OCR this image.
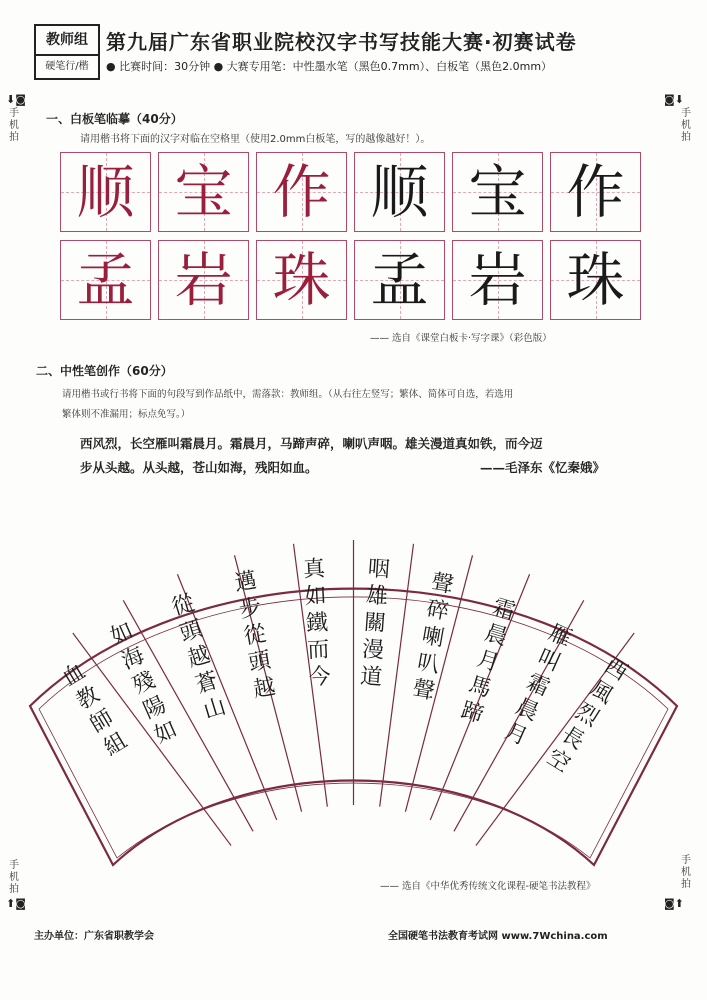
教师组
硬笔行/楷
第九届广东省职业院校汉字书写技能大赛·初赛试卷
● 比赛时间：30分钟 ● 大赛专用笔：中性墨水笔（黑色0.7mm）、白板笔（黑色2.0mm）
⬇◙
手机拍
◙⬇
手机拍
手机拍
⬆◙
手机拍
◙⬆
一、白板笔临摹（40分）
请用楷书将下面的汉字对临在空格里（使用2.0mm白板笔，写的越像越好！）。
顺 宝 作 顺 宝 作
孟 岩 珠 孟 岩 珠
—— 选自《课堂白板卡·写字课》（彩色版）
二、中性笔创作（60分）
请用楷书或行书将下面的句段写到作品纸中，需落款：教师组。（从右往左竖写；繁体、简体可自选，若选用
繁体则不准漏用；标点免写。）
西风烈，长空雁叫霜晨月。霜晨月，马蹄声碎，喇叭声咽。雄关漫道真如铁，而今迈
步从头越。从头越，苍山如海，残阳如血。	——毛泽东《忆秦娥》
西風烈長空
雁叫霜晨月
霜晨月馬蹄
聲碎喇叭聲
咽雄關漫道
真如鐵而今
邁步從頭越
從頭越蒼山
如海殘陽如
血教師組
—— 选自《中华优秀传统文化课程-硬笔书法教程》
主办单位：广东省职教学会	全国硬笔书法教育考试网 www.7Wchina.com
